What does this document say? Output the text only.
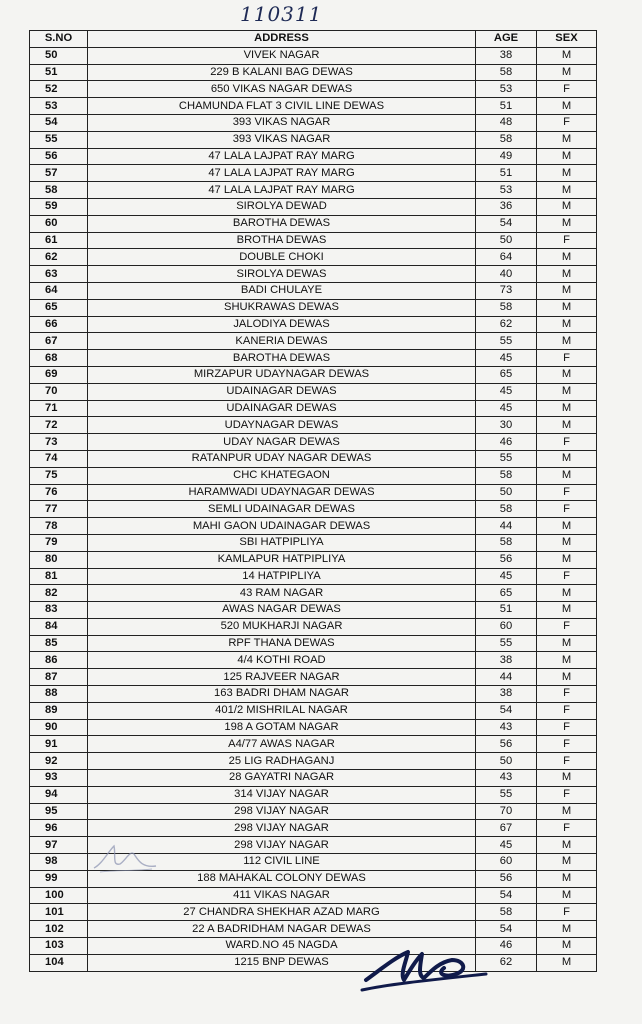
110311
S.NO	ADDRESS	AGE	SEX
50	VIVEK NAGAR	38	M
51	229 B KALANI BAG DEWAS	58	M
52	650 VIKAS NAGAR DEWAS	53	F
53	CHAMUNDA FLAT 3 CIVIL LINE DEWAS	51	M
54	393 VIKAS NAGAR	48	F
55	393 VIKAS NAGAR	58	M
56	47 LALA LAJPAT RAY MARG	49	M
57	47 LALA LAJPAT RAY MARG	51	M
58	47 LALA LAJPAT RAY MARG	53	M
59	SIROLYA DEWAD	36	M
60	BAROTHA DEWAS	54	M
61	BROTHA DEWAS	50	F
62	DOUBLE CHOKI	64	M
63	SIROLYA DEWAS	40	M
64	BADI CHULAYE	73	M
65	SHUKRAWAS DEWAS	58	M
66	JALODIYA DEWAS	62	M
67	KANERIA DEWAS	55	M
68	BAROTHA DEWAS	45	F
69	MIRZAPUR UDAYNAGAR DEWAS	65	M
70	UDAINAGAR DEWAS	45	M
71	UDAINAGAR DEWAS	45	M
72	UDAYNAGAR DEWAS	30	M
73	UDAY NAGAR DEWAS	46	F
74	RATANPUR UDAY NAGAR DEWAS	55	M
75	CHC KHATEGAON	58	M
76	HARAMWADI UDAYNAGAR DEWAS	50	F
77	SEMLI UDAINAGAR DEWAS	58	F
78	MAHI GAON UDAINAGAR DEWAS	44	M
79	SBI HATPIPLIYA	58	M
80	KAMLAPUR HATPIPLIYA	56	M
81	14 HATPIPLIYA	45	F
82	43 RAM NAGAR	65	M
83	AWAS NAGAR DEWAS	51	M
84	520 MUKHARJI NAGAR	60	F
85	RPF THANA DEWAS	55	M
86	4/4 KOTHI ROAD	38	M
87	125 RAJVEER NAGAR	44	M
88	163 BADRI DHAM NAGAR	38	F
89	401/2 MISHRILAL NAGAR	54	F
90	198 A GOTAM NAGAR	43	F
91	A4/77 AWAS NAGAR	56	F
92	25 LIG RADHAGANJ	50	F
93	28 GAYATRI NAGAR	43	M
94	314 VIJAY NAGAR	55	F
95	298 VIJAY NAGAR	70	M
96	298 VIJAY NAGAR	67	F
97	298 VIJAY NAGAR	45	M
98	112 CIVIL LINE	60	M
99	188 MAHAKAL COLONY DEWAS	56	M
100	411 VIKAS NAGAR	54	M
101	27 CHANDRA SHEKHAR AZAD MARG	58	F
102	22 A BADRIDHAM NAGAR DEWAS	54	M
103	WARD.NO 45 NAGDA	46	M
104	1215 BNP DEWAS	62	M
